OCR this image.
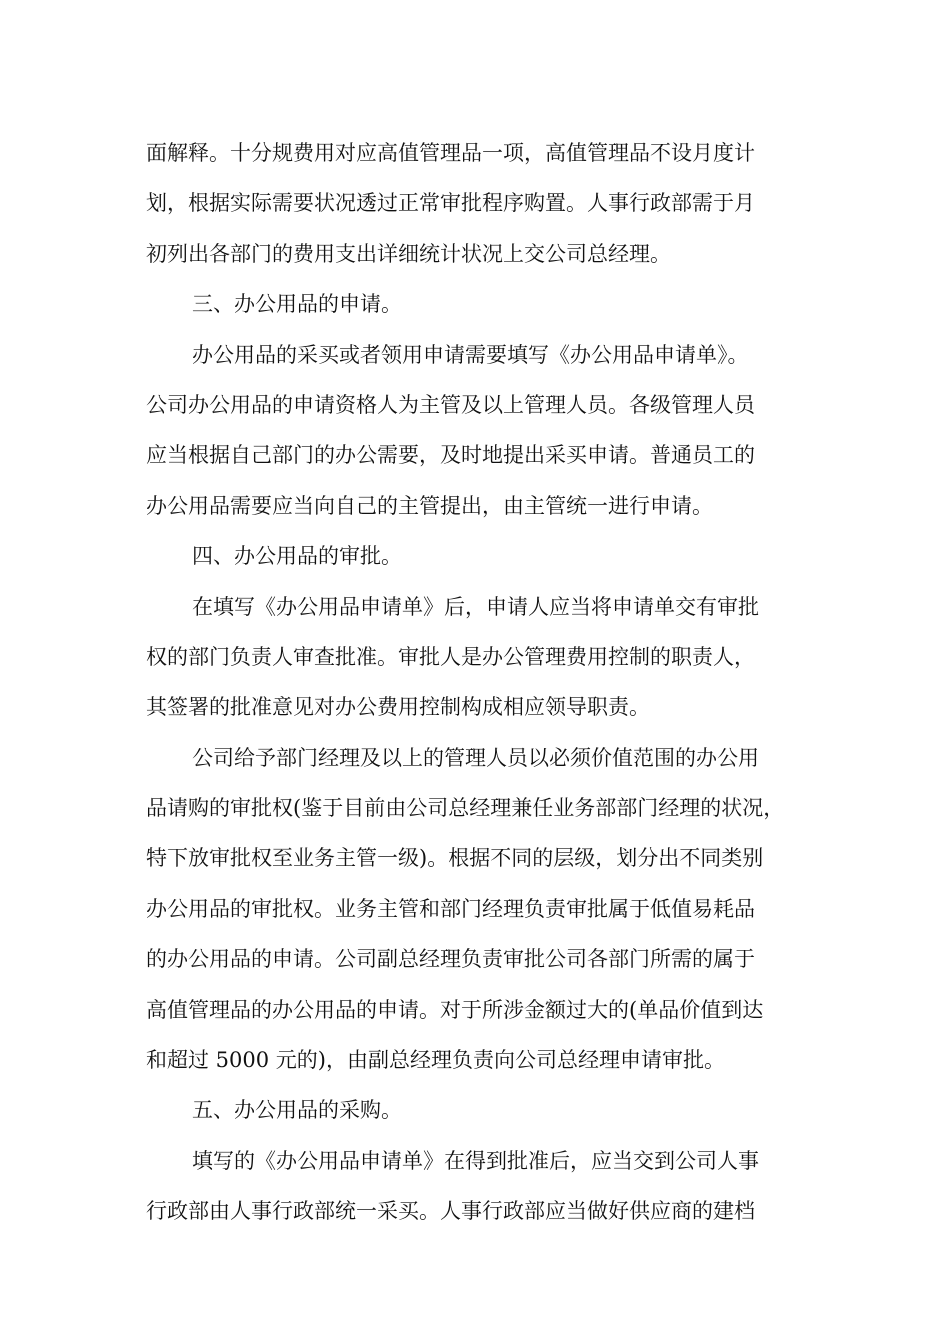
面解释。十分规费用对应高值管理品一项，高值管理品不设月度计
划，根据实际需要状况透过正常审批程序购置。人事行政部需于月
初列出各部门的费用支出详细统计状况上交公司总经理。
三、办公用品的申请。
办公用品的采买或者领用申请需要填写《办公用品申请单》。
公司办公用品的申请资格人为主管及以上管理人员。各级管理人员
应当根据自己部门的办公需要，及时地提出采买申请。普通员工的
办公用品需要应当向自己的主管提出，由主管统一进行申请。
四、办公用品的审批。
在填写《办公用品申请单》后，申请人应当将申请单交有审批
权的部门负责人审查批准。审批人是办公管理费用控制的职责人，
其签署的批准意见对办公费用控制构成相应领导职责。
公司给予部门经理及以上的管理人员以必须价值范围的办公用
品请购的审批权(鉴于目前由公司总经理兼任业务部部门经理的状况，
特下放审批权至业务主管一级)。根据不同的层级，划分出不同类别
办公用品的审批权。业务主管和部门经理负责审批属于低值易耗品
的办公用品的申请。公司副总经理负责审批公司各部门所需的属于
高值管理品的办公用品的申请。对于所涉金额过大的(单品价值到达
和超过 5000 元的)，由副总经理负责向公司总经理申请审批。
五、办公用品的采购。
填写的《办公用品申请单》在得到批准后，应当交到公司人事
行政部由人事行政部统一采买。人事行政部应当做好供应商的建档
